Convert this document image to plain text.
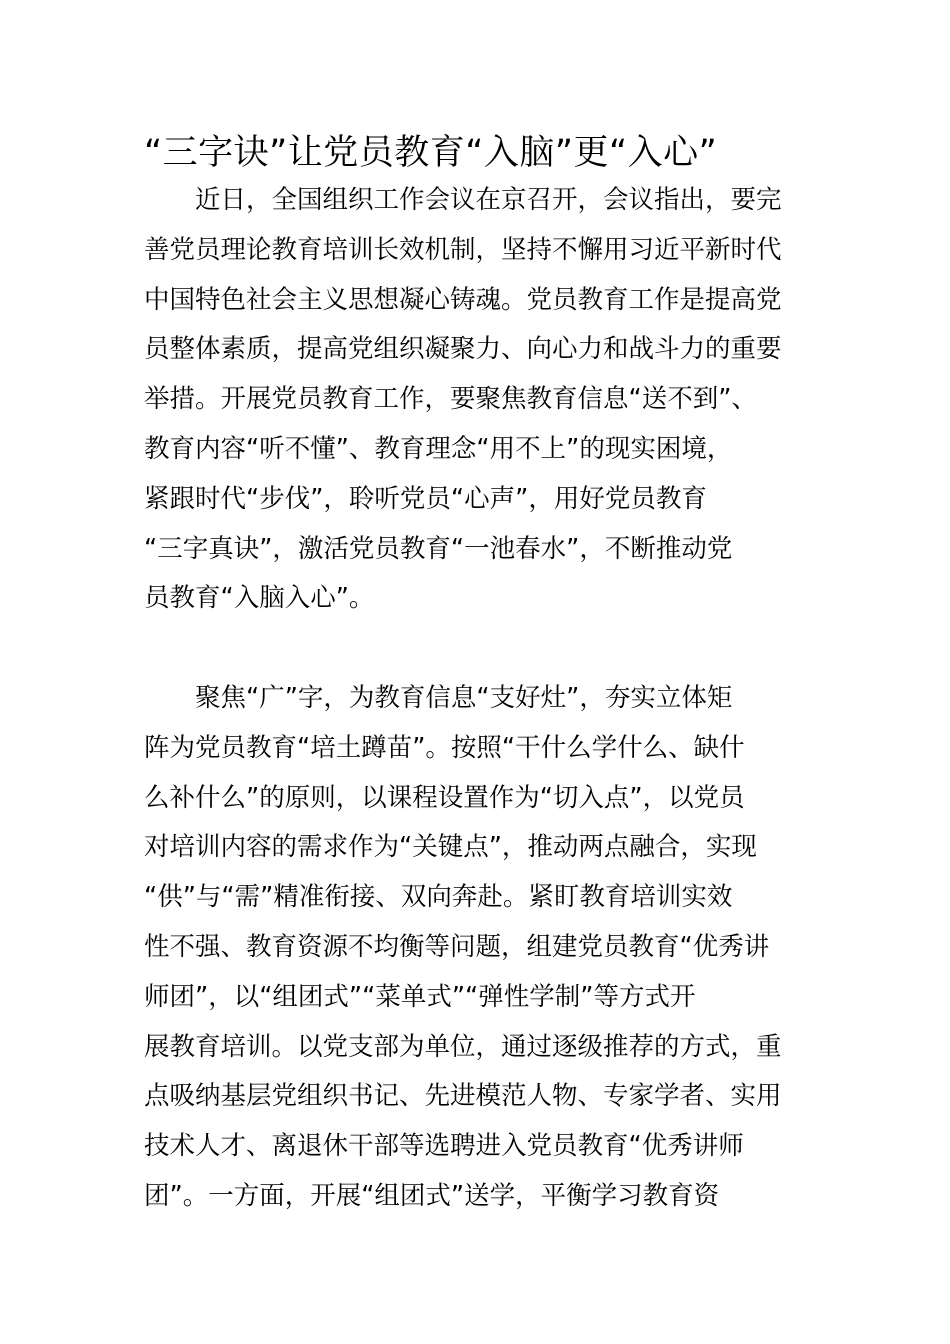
“三字诀”让党员教育“入脑”更“入心”
　　近日，全国组织工作会议在京召开，会议指出，要完
善党员理论教育培训长效机制，坚持不懈用习近平新时代
中国特色社会主义思想凝心铸魂。党员教育工作是提高党
员整体素质，提高党组织凝聚力、向心力和战斗力的重要
举措。开展党员教育工作，要聚焦教育信息“送不到”、
教育内容“听不懂”、教育理念“用不上”的现实困境，
紧跟时代“步伐”，聆听党员“心声”，用好党员教育
“三字真诀”，激活党员教育“一池春水”，不断推动党
员教育“入脑入心”。
　　聚焦“广”字，为教育信息“支好灶”，夯实立体矩
阵为党员教育“培土蹲苗”。按照“干什么学什么、缺什
么补什么”的原则，以课程设置作为“切入点”，以党员
对培训内容的需求作为“关键点”，推动两点融合，实现
“供”与“需”精准衔接、双向奔赴。紧盯教育培训实效
性不强、教育资源不均衡等问题，组建党员教育“优秀讲
师团”，以“组团式”“菜单式”“弹性学制”等方式开
展教育培训。以党支部为单位，通过逐级推荐的方式，重
点吸纳基层党组织书记、先进模范人物、专家学者、实用
技术人才、离退休干部等选聘进入党员教育“优秀讲师
团”。一方面，开展“组团式”送学，平衡学习教育资
